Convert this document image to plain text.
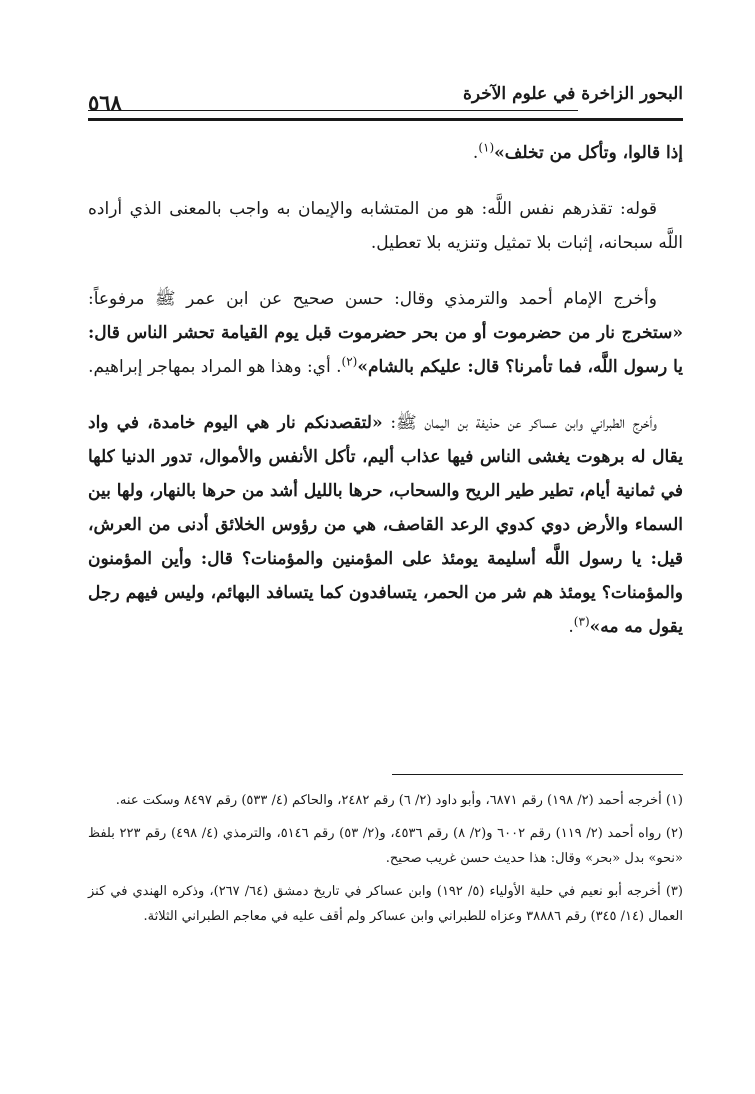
البحور الزاخرة في علوم الآخرة
٥٦٨

إذا قالوا، وتأكل من تخلف»$^{(١)}$.

قوله: تقذرهم نفس اللَّه: هو من المتشابه والإيمان به واجب بالمعنى الذي أراده اللَّه سبحانه، إثبات بلا تمثيل وتنزيه بلا تعطيل.

وأخرج الإمام أحمد والترمذي وقال: حسن صحيح عن ابن عمر ﷺ مرفوعاً: «ستخرج نار من حضرموت أو من بحر حضرموت قبل يوم القيامة تحشر الناس قال: يا رسول اللَّه، فما تأمرنا؟ قال: عليكم بالشام»$^{(٢)}$. أي: وهذا هو المراد بمهاجر إبراهيم.

وأخرج الطبراني وابن عساكر عن حذيفة بن اليمان ﷺ: «لتقصدنكم نار هي اليوم خامدة، في واد يقال له برهوت يغشى الناس فيها عذاب أليم، تأكل الأنفس والأموال، تدور الدنيا كلها في ثمانية أيام، تطير طير الريح والسحاب، حرها بالليل أشد من حرها بالنهار، ولها بين السماء والأرض دوي كدوي الرعد القاصف، هي من رؤوس الخلائق أدنى من العرش، قيل: يا رسول اللَّه أسليمة يومئذ على المؤمنين والمؤمنات؟ قال: وأين المؤمنون والمؤمنات؟ يومئذ هم شر من الحمر، يتسافدون كما يتسافد البهائم، وليس فيهم رجل يقول مه مه»$^{(٣)}$.

(١) أخرجه أحمد (٢/ ١٩٨) رقم ٦٨٧١، وأبو داود (٢/ ٦) رقم ٢٤٨٢، والحاكم (٤/ ٥٣٣) رقم ٨٤٩٧ وسكت عنه.

(٢) رواه أحمد (٢/ ١١٩) رقم ٦٠٠٢ و(٢/ ٨) رقم ٤٥٣٦، و(٢/ ٥٣) رقم ٥١٤٦، والترمذي (٤/ ٤٩٨) رقم ٢٢٣ بلفظ «نحو» بدل «بحر» وقال: هذا حديث حسن غريب صحيح.

(٣) أخرجه أبو نعيم في حلية الأولياء (٥/ ١٩٢) وابن عساكر في تاريخ دمشق (٦٤/ ٢٦٧)، وذكره الهندي في كنز العمال (١٤/ ٣٤٥) رقم ٣٨٨٨٦ وعزاه للطبراني وابن عساكر ولم أقف عليه في معاجم الطبراني الثلاثة.
